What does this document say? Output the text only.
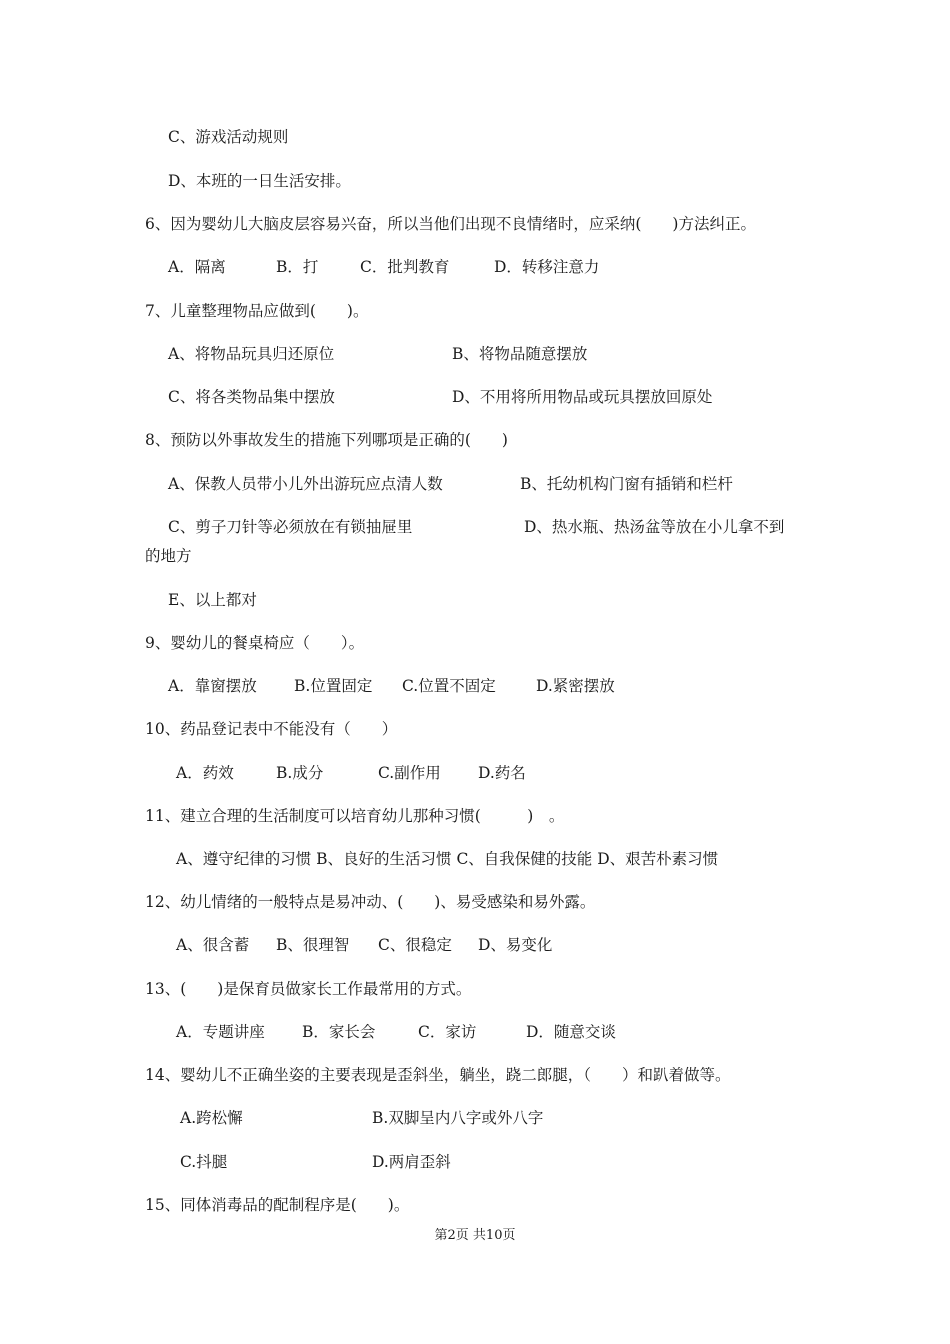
C、游戏活动规则

D、本班的一日生活安排。

6、因为婴幼儿大脑皮层容易兴奋，所以当他们出现不良情绪时，应采纳(　　)方法纠正。

A．隔离	B．打	C．批判教育	D．转移注意力

7、儿童整理物品应做到(　　)。

A、将物品玩具归还原位	B、将物品随意摆放

C、将各类物品集中摆放	D、不用将所用物品或玩具摆放回原处

8、预防以外事故发生的措施下列哪项是正确的(　　)

A、保教人员带小儿外出游玩应点清人数	B、托幼机构门窗有插销和栏杆

C、剪子刀针等必须放在有锁抽屉里	D、热水瓶、热汤盆等放在小儿拿不到

的地方

E、以上都对

9、婴幼儿的餐桌椅应（　　）。

A．靠窗摆放 B.位置固定 C.位置不固定	D.紧密摆放

10、药品登记表中不能没有（　　）

A．药效	B.成分	C.副作用 D.药名

11、建立合理的生活制度可以培育幼儿那种习惯(　　　)　。

A、遵守纪律的习惯 B、良好的生活习惯 C、自我保健的技能 D、艰苦朴素习惯

12、幼儿情绪的一般特点是易冲动、(　　)、易受感染和易外露。

A、很含蓄 B、很理智 C、很稳定 D、易变化

13、(　　)是保育员做家长工作最常用的方式。

A．专题讲座 B．家长会	C．家访	D．随意交谈

14、婴幼儿不正确坐姿的主要表现是歪斜坐，躺坐，跷二郎腿，（　　）和趴着做等。

A.跨松懈	B.双脚呈内八字或外八字

C.抖腿	D.两肩歪斜

15、同体消毒品的配制程序是(　　)。

第2页 共10页
